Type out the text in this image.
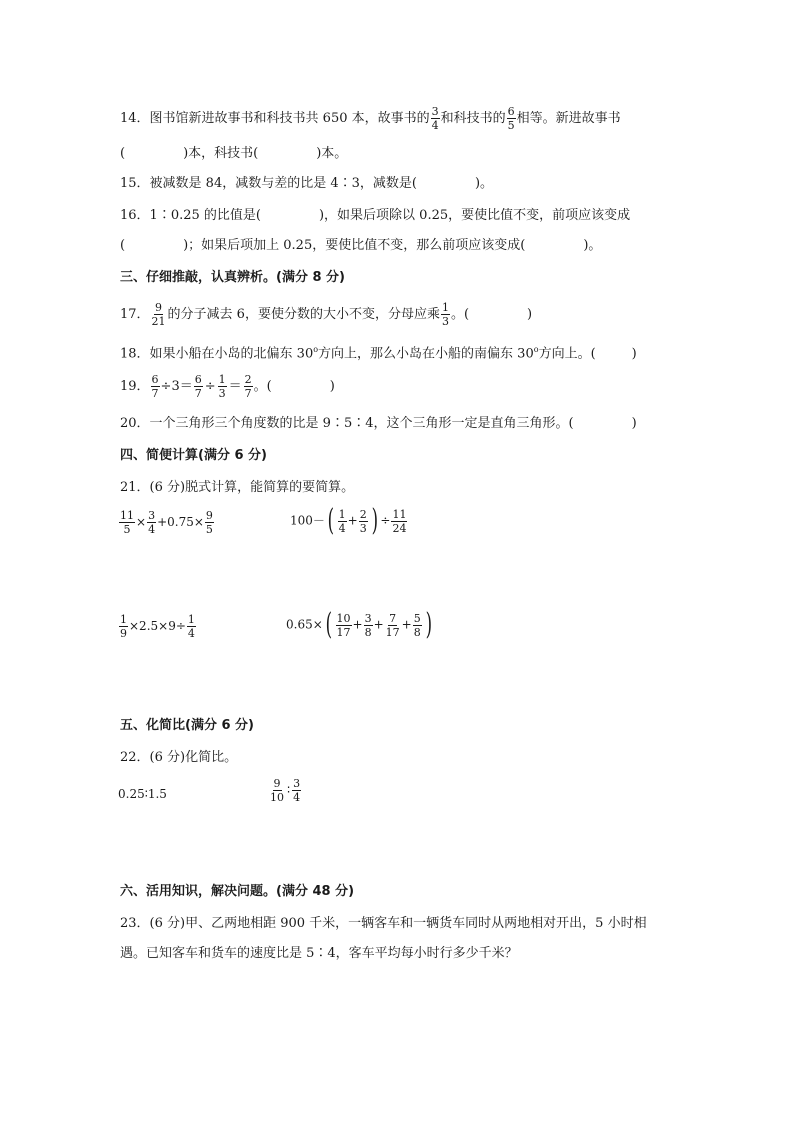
14．图书馆新进故事书和科技书共 650 本，故事书的 $\frac{3}{4}$ 和科技书的 $\frac{6}{5}$ 相等。新进故事书
(	)本，科技书(	)本。
15．被减数是 84，减数与差的比是 4∶3，减数是(	)。
16．1∶0.25 的比值是(	)，如果后项除以 0.25，要使比值不变，前项应该变成
(	)；如果后项加上 0.25，要使比值不变，那么前项应该变成(	)。
三、仔细推敲，认真辨析。(满分 8 分)
17． $\frac{9}{21}$ 的分子减去 6，要使分数的大小不变，分母应乘 $\frac{1}{3}$ 。(	)
18．如果小船在小岛的北偏东 30$^o$方向上，那么小岛在小船的南偏东 30$^o$方向上。(	)
19． $\frac{6}{7} \div 3= \frac{6}{7} \div \frac{1}{3} = \frac{2}{7}$ 。(	)
20．一个三角形三个角度数的比是 9∶5∶4，这个三角形一定是直角三角形。(	)
四、简便计算(满分 6 分)
21．(6 分)脱式计算，能简算的要简算。
$\frac{11}{5} \times \frac{3}{4} +0.75\times \frac{9}{5}$	$100-( \frac{1}{4} + \frac{2}{3}$ ) ÷ $\frac{11}{24}$
$\frac{1}{9} \times 2.5\times 9\div \frac{1}{4}$	$0.65\times( \frac{10}{17} + \frac{3}{8} + \frac{7}{17} + \frac{5}{8}$ )
五、化简比(满分 6 分)
22．(6 分)化简比。
0.25∶1.5	$\frac{9}{10}$ ∶ $\frac{3}{4}$
六、活用知识，解决问题。(满分 48 分)
23．(6 分)甲、乙两地相距 900 千米，一辆客车和一辆货车同时从两地相对开出，5 小时相
遇。已知客车和货车的速度比是 5∶4，客车平均每小时行多少千米？
